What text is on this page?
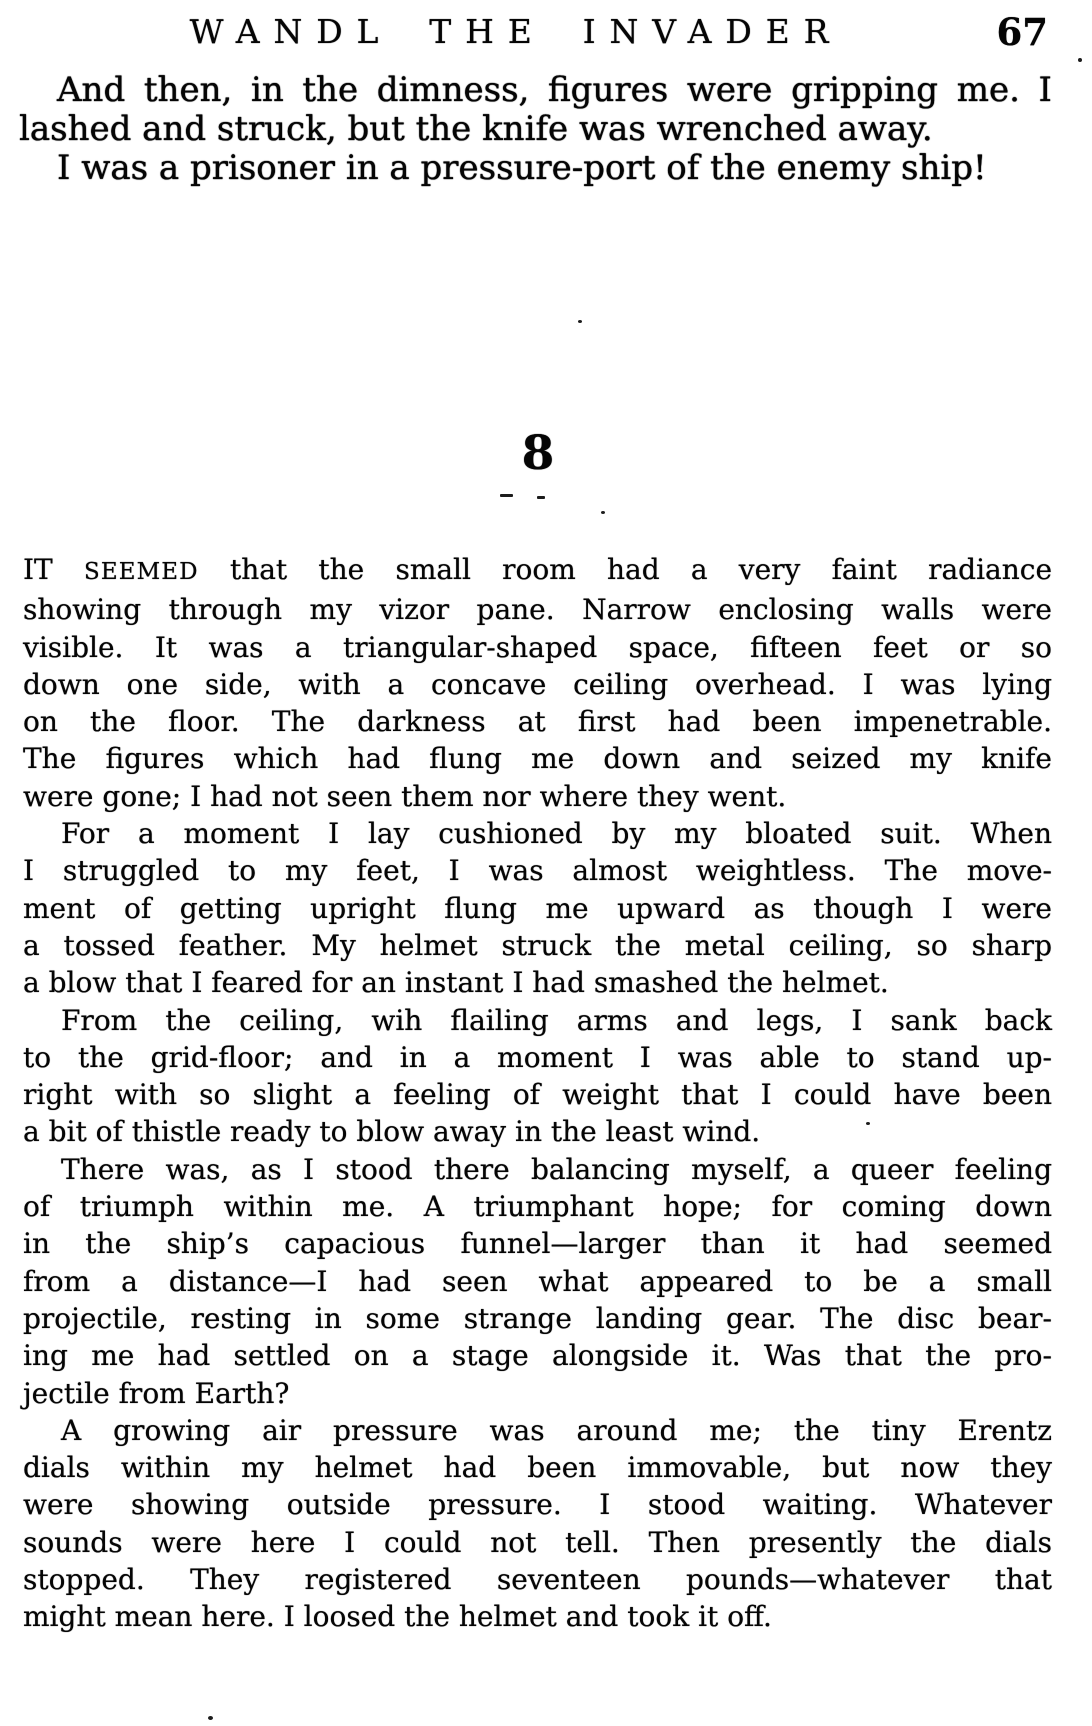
WANDL THE INVADER	67
And then, in the dimness, figures were gripping me. I
lashed and struck, but the knife was wrenched away.
I was a prisoner in a pressure-port of the enemy ship!
8
IT SEEMED that the small room had a very faint radiance
showing through my vizor pane. Narrow enclosing walls were
visible. It was a triangular-shaped space, fifteen feet or so
down one side, with a concave ceiling overhead. I was lying
on the floor. The darkness at first had been impenetrable.
The figures which had flung me down and seized my knife
were gone; I had not seen them nor where they went.
For a moment I lay cushioned by my bloated suit. When
I struggled to my feet, I was almost weightless. The move-
ment of getting upright flung me upward as though I were
a tossed feather. My helmet struck the metal ceiling, so sharp
a blow that I feared for an instant I had smashed the helmet.
From the ceiling, wih flailing arms and legs, I sank back
to the grid-floor; and in a moment I was able to stand up-
right with so slight a feeling of weight that I could have been
a bit of thistle ready to blow away in the least wind.
There was, as I stood there balancing myself, a queer feeling
of triumph within me. A triumphant hope; for coming down
in the ship’s capacious funnel—larger than it had seemed
from a distance—I had seen what appeared to be a small
projectile, resting in some strange landing gear. The disc bear-
ing me had settled on a stage alongside it. Was that the pro-
jectile from Earth?
A growing air pressure was around me; the tiny Erentz
dials within my helmet had been immovable, but now they
were showing outside pressure. I stood waiting. Whatever
sounds were here I could not tell. Then presently the dials
stopped. They registered seventeen pounds—whatever that
might mean here. I loosed the helmet and took it off.
